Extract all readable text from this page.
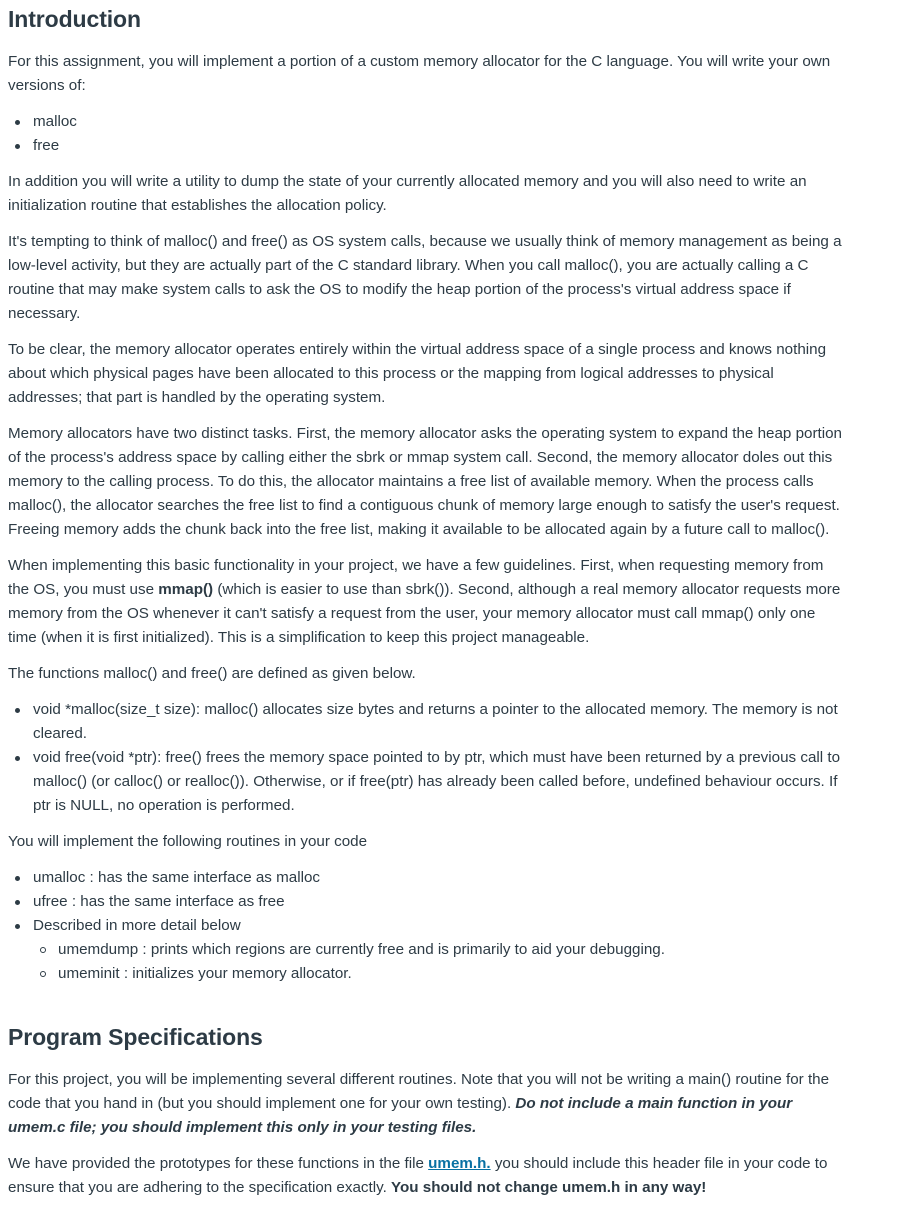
Introduction

For this assignment, you will implement a portion of a custom memory allocator for the C language. You will write your own versions of:

malloc
free

In addition you will write a utility to dump the state of your currently allocated memory and you will also need to write an initialization routine that establishes the allocation policy.

It's tempting to think of malloc() and free() as OS system calls, because we usually think of memory management as being a low-level activity, but they are actually part of the C standard library. When you call malloc(), you are actually calling a C routine that may make system calls to ask the OS to modify the heap portion of the process's virtual address space if necessary.

To be clear, the memory allocator operates entirely within the virtual address space of a single process and knows nothing about which physical pages have been allocated to this process or the mapping from logical addresses to physical addresses; that part is handled by the operating system.

Memory allocators have two distinct tasks. First, the memory allocator asks the operating system to expand the heap portion of the process's address space by calling either the sbrk or mmap system call. Second, the memory allocator doles out this memory to the calling process. To do this, the allocator maintains a free list of available memory. When the process calls malloc(), the allocator searches the free list to find a contiguous chunk of memory large enough to satisfy the user's request. Freeing memory adds the chunk back into the free list, making it available to be allocated again by a future call to malloc().

When implementing this basic functionality in your project, we have a few guidelines. First, when requesting memory from the OS, you must use mmap() (which is easier to use than sbrk()). Second, although a real memory allocator requests more memory from the OS whenever it can't satisfy a request from the user, your memory allocator must call mmap() only one time (when it is first initialized). This is a simplification to keep this project manageable.

The functions malloc() and free() are defined as given below.

void *malloc(size_t size): malloc() allocates size bytes and returns a pointer to the allocated memory. The memory is not cleared.
void free(void *ptr): free() frees the memory space pointed to by ptr, which must have been returned by a previous call to malloc() (or calloc() or realloc()). Otherwise, or if free(ptr) has already been called before, undefined behaviour occurs. If ptr is NULL, no operation is performed.

You will implement the following routines in your code

umalloc : has the same interface as malloc
ufree : has the same interface as free
Described in more detail below
umemdump : prints which regions are currently free and is primarily to aid your debugging.
umeminit : initializes your memory allocator.
Program Specifications

For this project, you will be implementing several different routines. Note that you will not be writing a main() routine for the code that you hand in (but you should implement one for your own testing). Do not include a main function in your umem.c file; you should implement this only in your testing files.

We have provided the prototypes for these functions in the file umem.h. you should include this header file in your code to ensure that you are adhering to the specification exactly. You should not change umem.h in any way!
